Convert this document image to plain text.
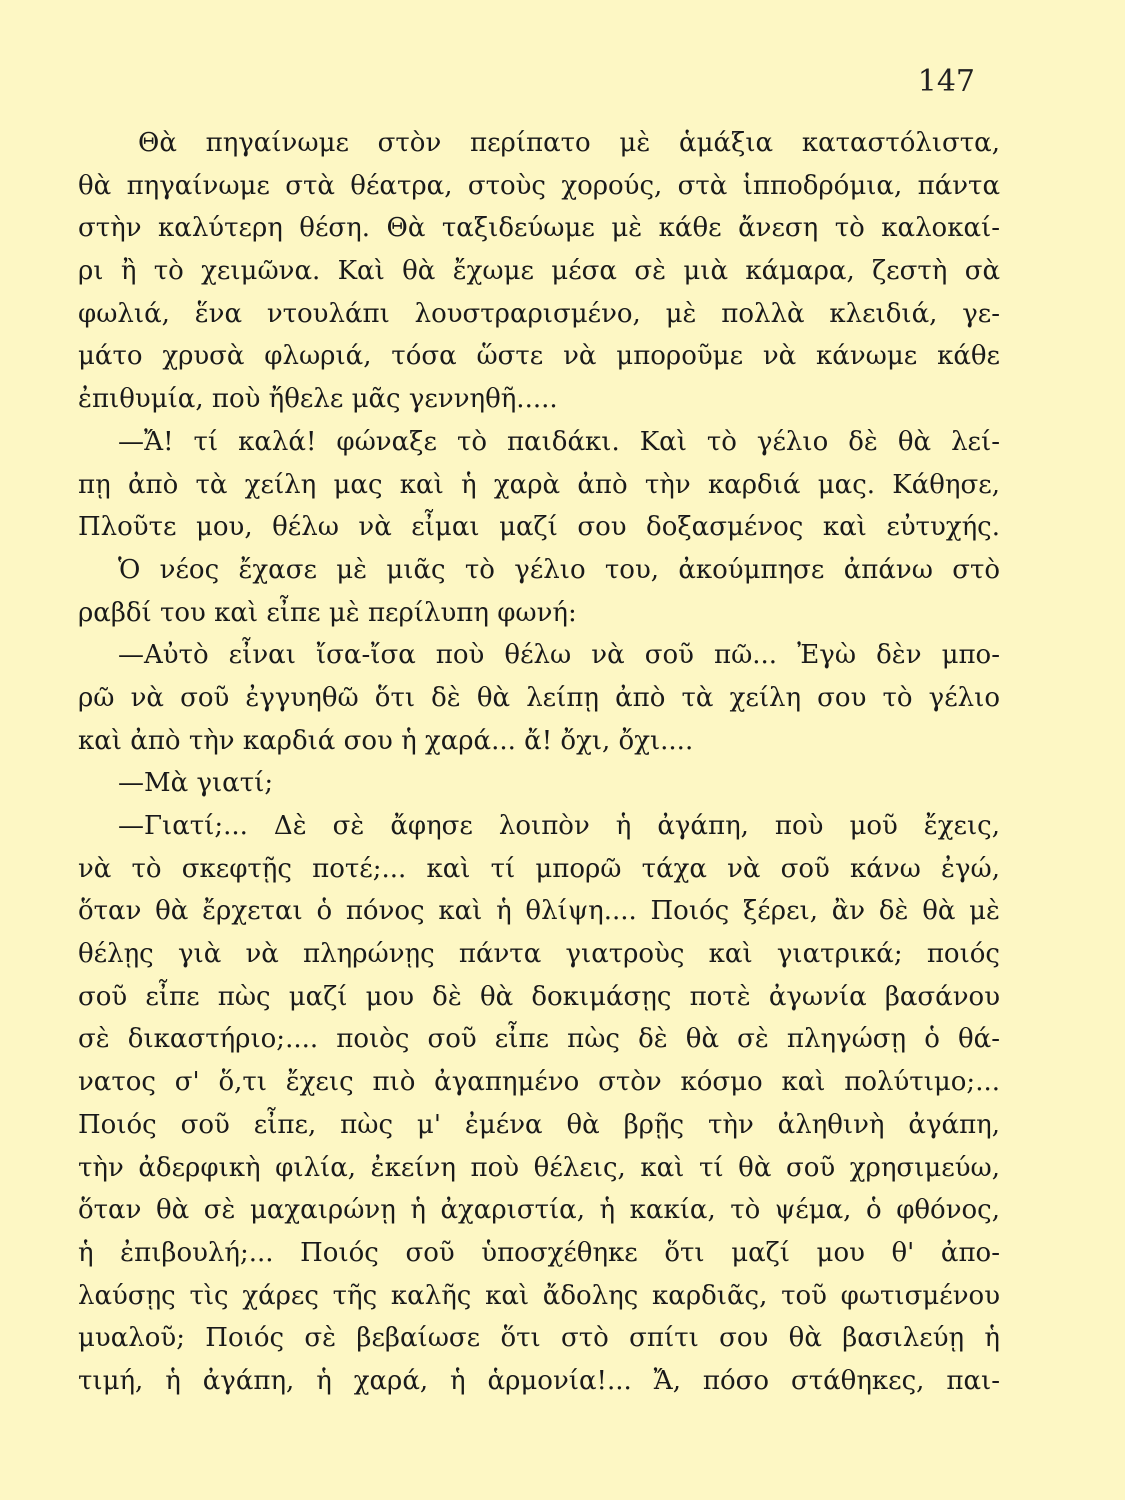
147
Θὰ πηγαίνωμε στὸν περίπατο μὲ ἁμάξια καταστόλιστα,
θὰ πηγαίνωμε στὰ θέατρα, στοὺς χορούς, στὰ ἱπποδρόμια, πάντα
στὴν καλύτερη θέση. Θὰ ταξιδεύωμε μὲ κάθε ἄνεση τὸ καλοκαί-
ρι ἢ τὸ χειμῶνα. Καὶ θὰ ἔχωμε μέσα σὲ μιὰ κάμαρα, ζεστὴ σὰ
φωλιά, ἕνα ντουλάπι λουστραρισμένο, μὲ πολλὰ κλειδιά, γε-
μάτο χρυσὰ φλωριά, τόσα ὥστε νὰ μποροῦμε νὰ κάνωμε κάθε
ἐπιθυμία, ποὺ ἤθελε μᾶς γεννηθῆ.....
—Ἄ! τί καλά! φώναξε τὸ παιδάκι. Καὶ τὸ γέλιο δὲ θὰ λεί-
πῃ ἀπὸ τὰ χείλη μας καὶ ἡ χαρὰ ἀπὸ τὴν καρδιά μας. Κάθησε,
Πλοῦτε μου, θέλω νὰ εἶμαι μαζί σου δοξασμένος καὶ εὐτυχής.
Ὁ νέος ἔχασε μὲ μιᾶς τὸ γέλιο του, ἀκούμπησε ἀπάνω στὸ
ραβδί του καὶ εἶπε μὲ περίλυπη φωνή:
—Αὐτὸ εἶναι ἴσα-ἴσα ποὺ θέλω νὰ σοῦ πῶ... Ἐγὼ δὲν μπο-
ρῶ νὰ σοῦ ἐγγυηθῶ ὅτι δὲ θὰ λείπῃ ἀπὸ τὰ χείλη σου τὸ γέλιο
καὶ ἀπὸ τὴν καρδιά σου ἡ χαρά... ἄ! ὄχι, ὄχι....
—Μὰ γιατί;
—Γιατί;... Δὲ σὲ ἄφησε λοιπὸν ἡ ἀγάπη, ποὺ μοῦ ἔχεις,
νὰ τὸ σκεφτῇς ποτέ;... καὶ τί μπορῶ τάχα νὰ σοῦ κάνω ἐγώ,
ὅταν θὰ ἔρχεται ὁ πόνος καὶ ἡ θλίψη.... Ποιός ξέρει, ἂν δὲ θὰ μὲ
θέλῃς γιὰ νὰ πληρώνῃς πάντα γιατροὺς καὶ γιατρικά; ποιός
σοῦ εἶπε πὼς μαζί μου δὲ θὰ δοκιμάσῃς ποτὲ ἀγωνία βασάνου
σὲ δικαστήριο;.... ποιὸς σοῦ εἶπε πὼς δὲ θὰ σὲ πληγώσῃ ὁ θά-
νατος σ' ὅ,τι ἔχεις πιὸ ἀγαπημένο στὸν κόσμο καὶ πολύτιμο;...
Ποιός σοῦ εἶπε, πὼς μ' ἐμένα θὰ βρῇς τὴν ἀληθινὴ ἀγάπη,
τὴν ἀδερφικὴ φιλία, ἐκείνη ποὺ θέλεις, καὶ τί θὰ σοῦ χρησιμεύω,
ὅταν θὰ σὲ μαχαιρώνῃ ἡ ἀχαριστία, ἡ κακία, τὸ ψέμα, ὁ φθόνος,
ἡ ἐπιβουλή;... Ποιός σοῦ ὑποσχέθηκε ὅτι μαζί μου θ' ἀπο-
λαύσῃς τὶς χάρες τῆς καλῆς καὶ ἄδολης καρδιᾶς, τοῦ φωτισμένου
μυαλοῦ; Ποιός σὲ βεβαίωσε ὅτι στὸ σπίτι σου θὰ βασιλεύῃ ἡ
τιμή, ἡ ἀγάπη, ἡ χαρά, ἡ ἁρμονία!... Ἄ, πόσο στάθηκες, παι-
